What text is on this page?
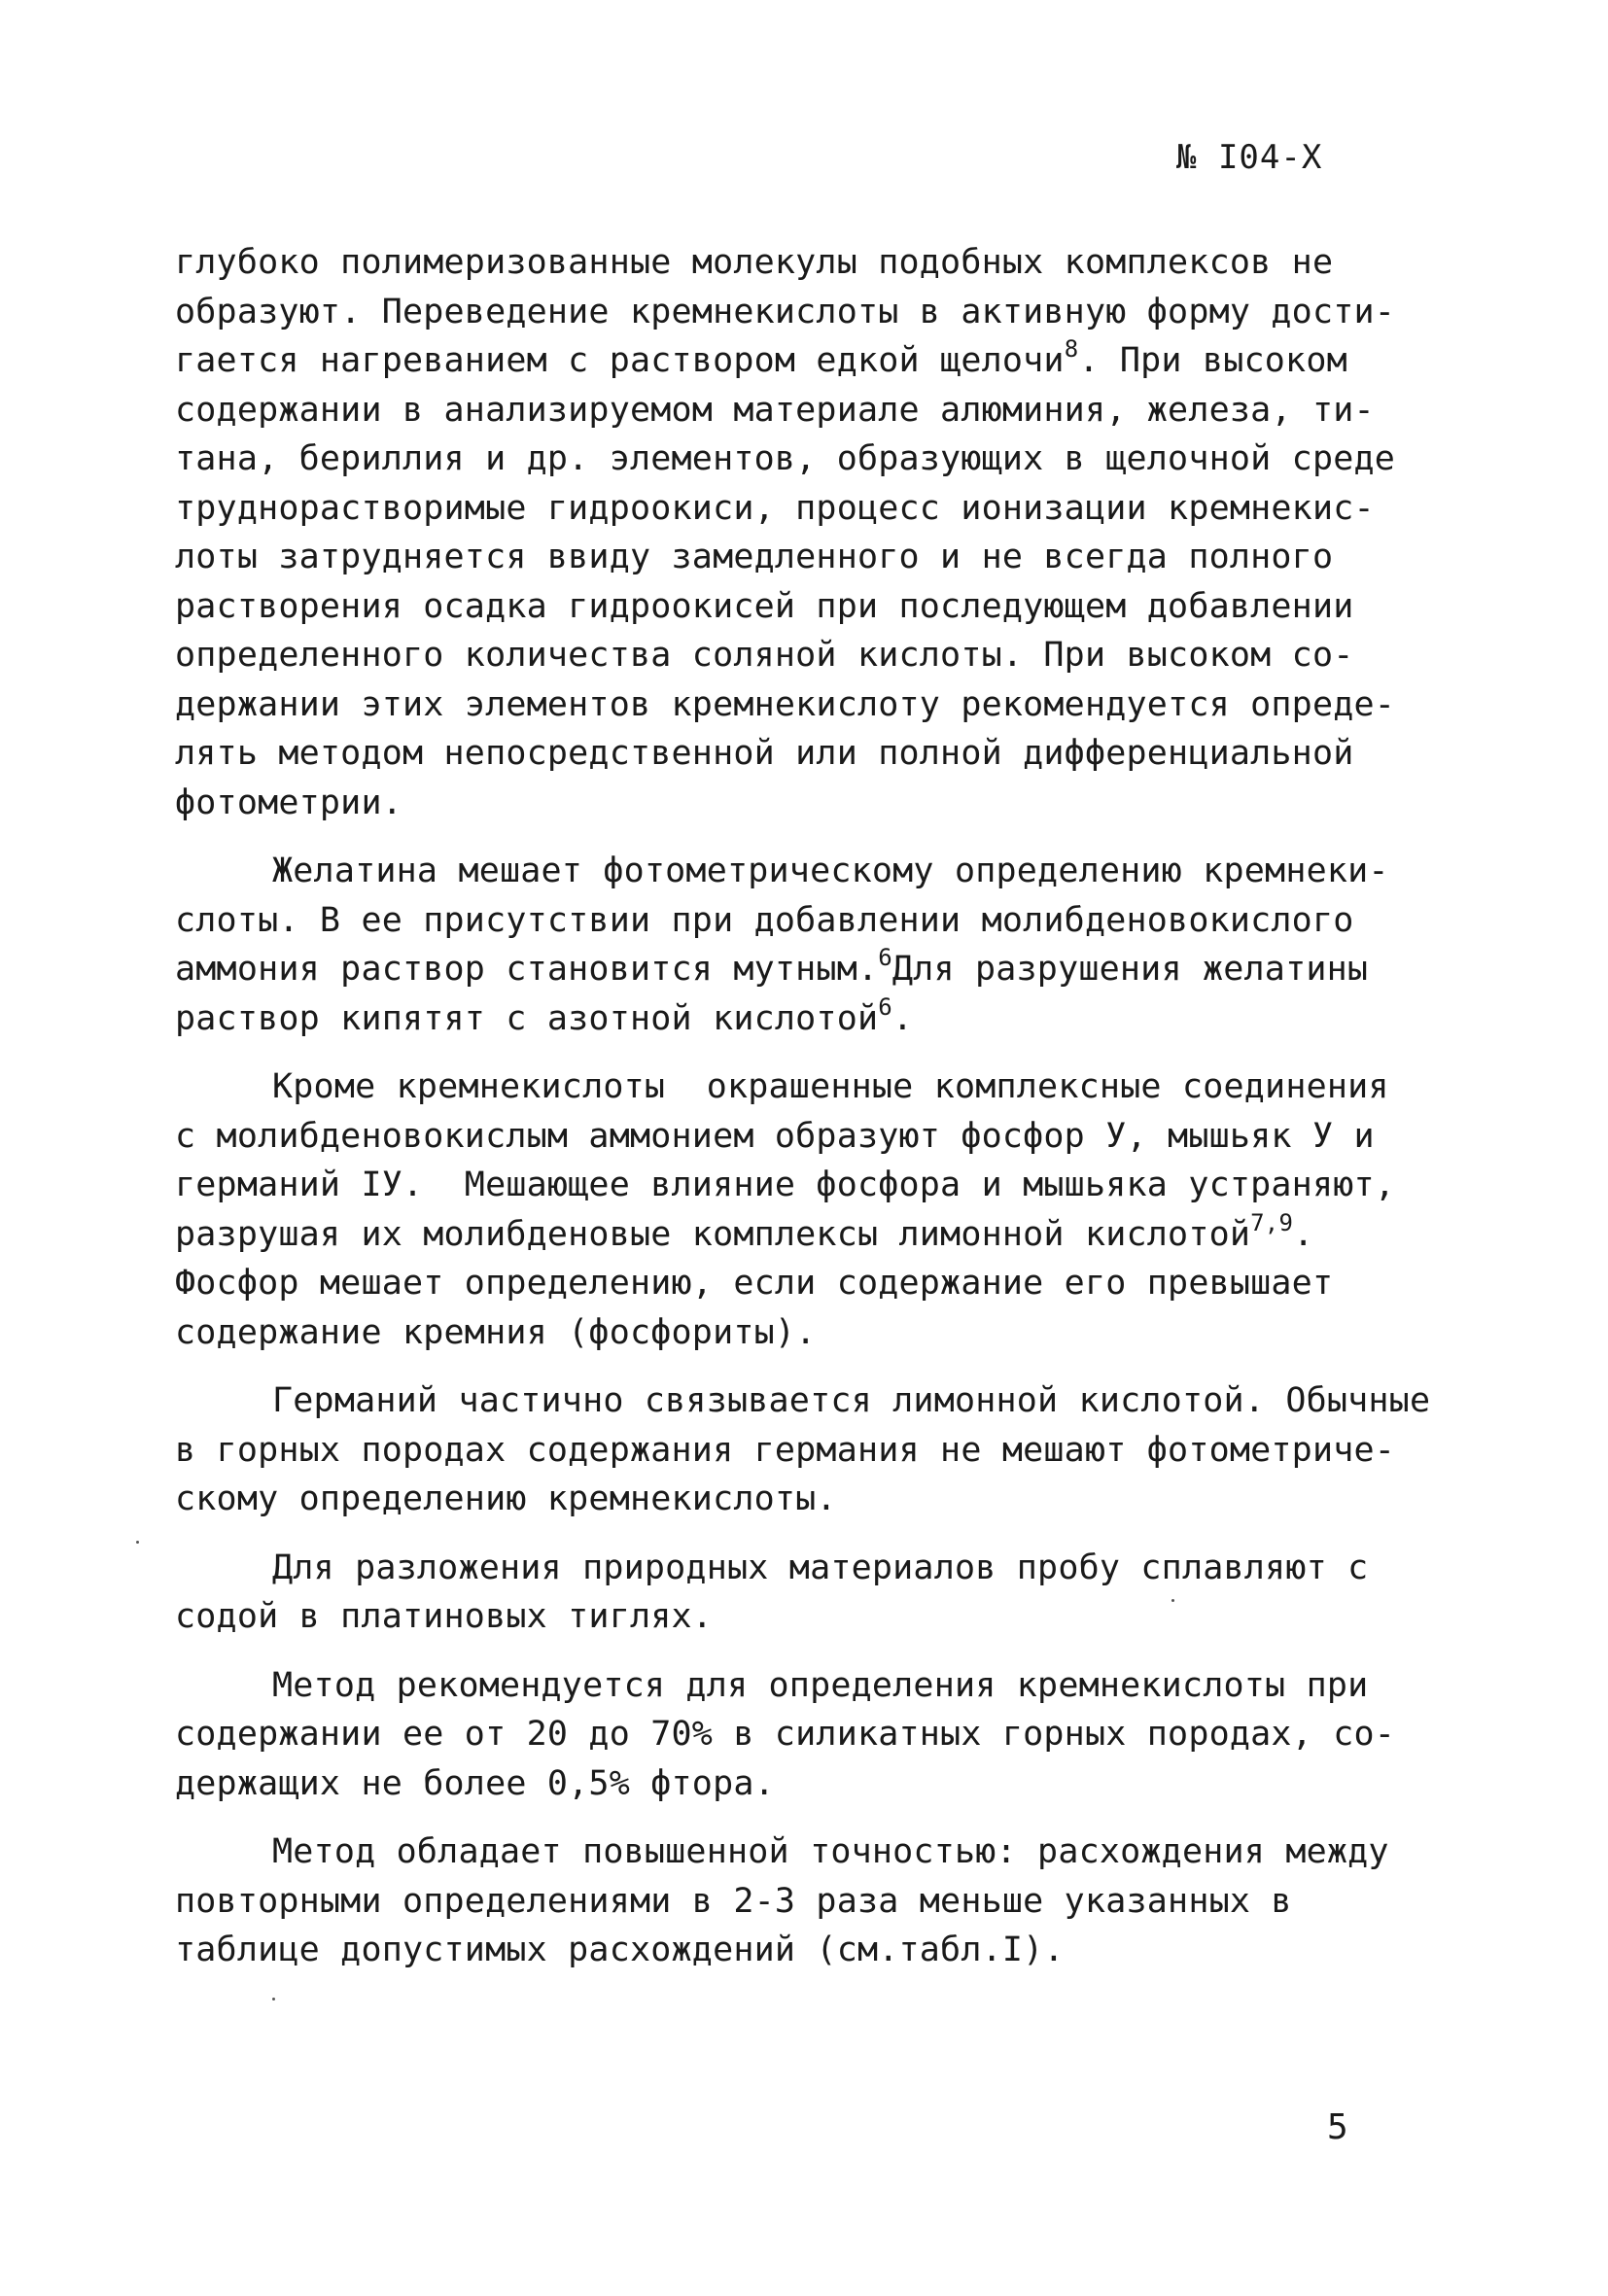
№ I04-Х
глубоко полимеризованные молекулы подобных комплексов не
образуют. Переведение кремнекислоты в активную форму дости-
гается нагреванием с раствором едкой щелочи$^8$. При высоком
содержании в анализируемом материале алюминия, железа, ти-
тана, бериллия и др. элементов, образующих в щелочной среде
труднорастворимые гидроокиси, процесс ионизации кремнекис-
лоты затрудняется ввиду замедленного и не всегда полного
растворения осадка гидроокисей при последующем добавлении
определенного количества соляной кислоты. При высоком со-
держании этих элементов кремнекислоту рекомендуется опреде-
лять методом непосредственной или полной дифференциальной
фотометрии.
Желатина мешает фотометрическому определению кремнеки-
слоты. В ее присутствии при добавлении молибденовокислого
аммония раствор становится мутным.$^6$Для разрушения желатины
раствор кипятят с азотной кислотой$^6$.
Кроме кремнекислоты  окрашенные комплексные соединения
с молибденовокислым аммонием образуют фосфор У, мышьяк У и
германий IУ.  Мешающее влияние фосфора и мышьяка устраняют,
разрушая их молибденовые комплексы лимонной кислотой$^{7,9}$.
Фосфор мешает определению, если содержание его превышает
содержание кремния (фосфориты).
Германий частично связывается лимонной кислотой. Обычные
в горных породах содержания германия не мешают фотометриче-
скому определению кремнекислоты.
Для разложения природных материалов пробу сплавляют с
содой в платиновых тиглях.
Метод рекомендуется для определения кремнекислоты при
содержании ее от 20 до 70% в силикатных горных породах, со-
держащих не более 0,5% фтора.
Метод обладает повышенной точностью: расхождения между
повторными определениями в 2-3 раза меньше указанных в
таблице допустимых расхождений (см.табл.I).
5
